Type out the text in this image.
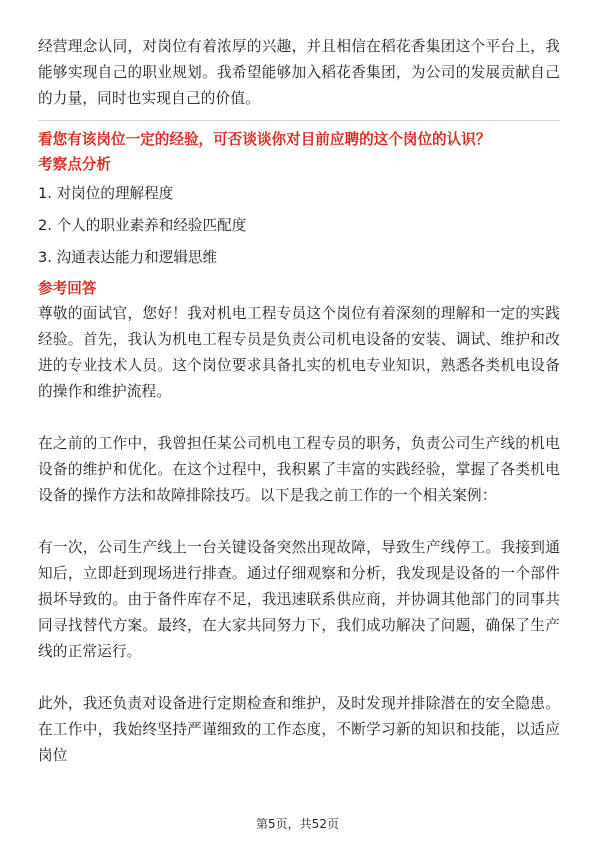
经营理念认同，对岗位有着浓厚的兴趣，并且相信在稻花香集团这个平台上，我能够实现自己的职业规划。我希望能够加入稻花香集团，为公司的发展贡献自己的力量，同时也实现自己的价值。

看您有该岗位一定的经验，可否谈谈你对目前应聘的这个岗位的认识？

考察点分析

1. 对岗位的理解程度
2. 个人的职业素养和经验匹配度
3. 沟通表达能力和逻辑思维

参考回答

尊敬的面试官，您好！我对机电工程专员这个岗位有着深刻的理解和一定的实践经验。首先，我认为机电工程专员是负责公司机电设备的安装、调试、维护和改进的专业技术人员。这个岗位要求具备扎实的机电专业知识，熟悉各类机电设备的操作和维护流程。

在之前的工作中，我曾担任某公司机电工程专员的职务，负责公司生产线的机电设备的维护和优化。在这个过程中，我积累了丰富的实践经验，掌握了各类机电设备的操作方法和故障排除技巧。以下是我之前工作的一个相关案例：

有一次，公司生产线上一台关键设备突然出现故障，导致生产线停工。我接到通知后，立即赶到现场进行排查。通过仔细观察和分析，我发现是设备的一个部件损坏导致的。由于备件库存不足，我迅速联系供应商，并协调其他部门的同事共同寻找替代方案。最终，在大家共同努力下，我们成功解决了问题，确保了生产线的正常运行。

此外，我还负责对设备进行定期检查和维护，及时发现并排除潜在的安全隐患。在工作中，我始终坚持严谨细致的工作态度，不断学习新的知识和技能，以适应岗位

第5页，共52页
